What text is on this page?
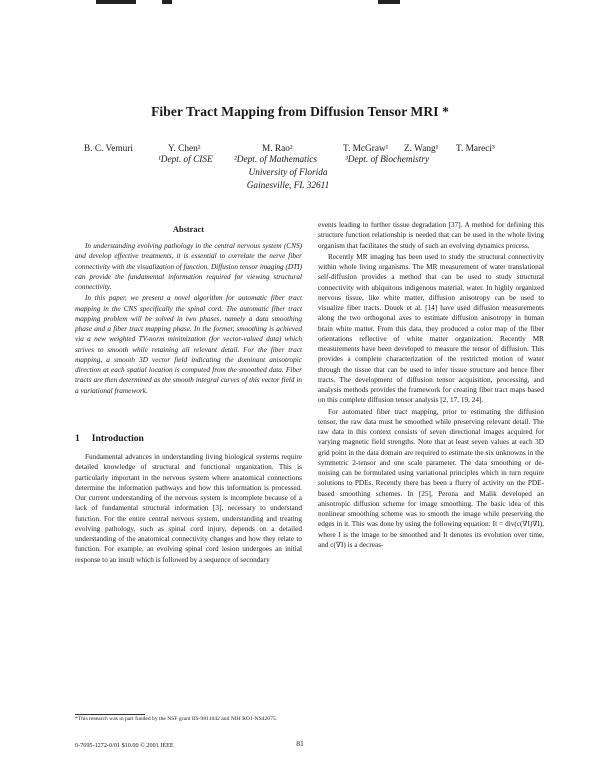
Fiber Tract Mapping from Diffusion Tensor MRI *
B. C. Vemuri	Y. Chen²	M. Rao²	T. McGraw¹ Z. Wang¹ T. Mareci³
¹Dept. of CISE ²Dept. of Mathematics	³Dept. of Biochemistry
University of Florida
Gainesville, FL 32611
Abstract

In understanding evolving pathology in the central nervous system (CNS) and develop effective treatments, it is essential to correlate the nerve fiber connectivity with the visualization of function. Diffusion tensor imaging (DTI) can provide the fundamental information required for viewing structural connectivity.

In this paper, we present a novel algorithm for automatic fiber tract mapping in the CNS specifically the spinal cord. The automatic fiber tract mapping problem will be solved in two phases, namely a data smoothing phase and a fiber tract mapping phase. In the former, smoothing is achieved via a new weighted TV-norm minimization (for vector-valued data) which strives to smooth while retaining all relevant detail. For the fiber tract mapping, a smooth 3D vector field indicating the dominant anisotropic direction at each spatial location is computed from the smoothed data. Fiber tracts are then determined as the smooth integral curves of this vector field in a variational framework.

1 Introduction

Fundamental advances in understanding living biological systems require detailed knowledge of structural and functional organization. This is particularly important in the nervous system where anatomical connections determine the information pathways and how this information is processed. Our current understanding of the nervous system is incomplete because of a lack of fundamental structural information [3], necessary to understand function. For the entire central nervous system, understanding and treating evolving pathology, such as spinal cord injury, depends on a detailed understanding of the anatomical connectivity changes and how they relate to function. For example, an evolving spinal cord lesion undergoes an initial response to an insult which is followed by a sequence of secondary

events leading to further tissue degradation [37]. A method for defining this structure function relationship is needed that can be used in the whole living organism that facilitates the study of such an evolving dynamics process.

Recently MR imaging has been used to study the structural connectivity within whole living organisms. The MR measurement of water translational self-diffusion provides a method that can be used to study structural connectivity with ubiquitous indigenous material, water. In highly organized nervous tissue, like white matter, diffusion anisotropy can be used to visualize fiber tracts. Douek et al. [14] have used diffusion measurements along the two orthogonal axes to estimate diffusion anisotropy in human brain white matter. From this data, they produced a color map of the fiber orientations reflective of white matter organization. Recently MR measurements have been developed to measure the tensor of diffusion. This provides a complete characterization of the restricted motion of water through the tissue that can be used to infer tissue structure and hence fiber tracts. The development of diffusion tensor acquisition, processing, and analysis methods provides the framework for creating fiber tract maps based on this complete diffusion tensor analysis [2, 17, 19, 24].

For automated fiber tract mapping, prior to estimating the diffusion tensor, the raw data must be smoothed while preserving relevant detail. The raw data in this context consists of seven directional images acquired for varying magnetic field strengths. Note that at least seven values at each 3D grid point in the data domain are required to estimate the six unknowns in the symmetric 2-tensor and one scale parameter. The data smoothing or de-noising can be formulated using variational principles which in turn require solutions to PDEs. Recently there has been a flurry of activity on the PDE-based smoothing schemes. In [25], Perona and Malik developed an anisotropic diffusion scheme for image smoothing. The basic idea of this nonlinear smoothing scheme was to smooth the image while preserving the edges in it. This was done by using the following equation: It = div(c(∇I)∇I), where I is the image to be smoothed and It denotes its evolution over time, and c(∇I) is a decreas-

*This research was in part funded by the NSF grant IIS-9811042 and NIH RO1-NS42075.
81
0-7695-1272-0/01 $10.00 © 2001 IEEE
